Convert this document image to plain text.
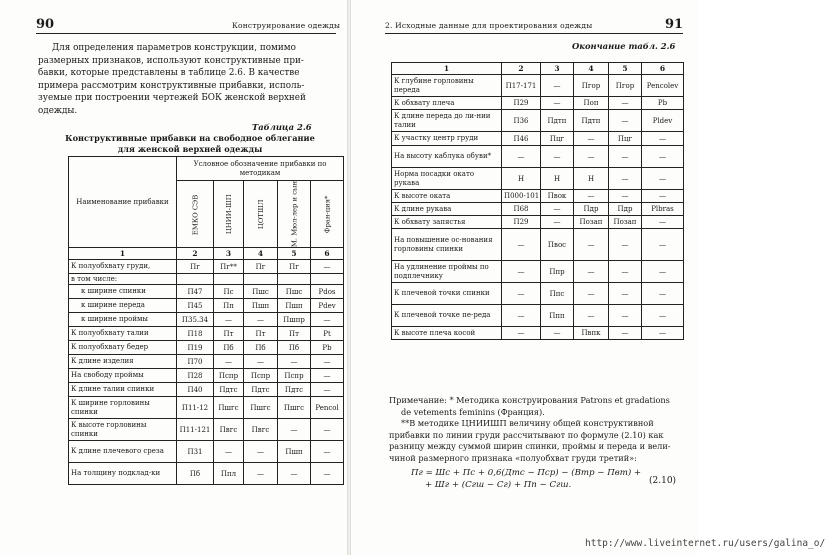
90	Конструирование одежды
Для определения параметров конструкции, помимо
размерных признаков, используют конструктивные при-
бавки, которые представлены в таблице 2.6. В качестве
примера рассмотрим конструктивные прибавки, исполь-
зуемые при построении чертежей БОК женской верхней
одежды.
Таблица 2.6
Конструктивные прибавки на свободное облегание
для женской верхней одежды
Наименование прибавки	Условное обозначение прибавки по методикам				
	ЕМКО СЭВ	ЦНИИ-ШП	ЦОТШЛ	М. Мюл-лер и сын	Фран-ция*
1	2	3	4	5	6
К полуобхвату груди,	Пг	Пг**	Пг	Пг	—
в том числе:					
к ширине спинки	П47	Пс	Пшс	Пшс	Pdos
к ширине переда	П45	Пп	Пшп	Пшп	Pdev
к ширине проймы	П35.34	—	—	Пшпр	—
К полуобхвату талии	П18	Пт	Пт	Пт	Pt
К полуобхвату бедер	П19	Пб	Пб	Пб	Pb
К длине изделия	П70	—	—	—	—
На свободу проймы	П28	Пспр	Пспр	Пспр	—
К длине талии спинки	П40	Пдтс	Пдтс	Пдтс	—
К ширине горловины спинки	П11-12	Пшгс	Пшгс	Пшгс	Pencol
К высоте горловины спинки	П11-121	Пвгс	Пвгс	—	—
К длине плечевого среза	П31	—	—	Пшп	—
На толщину подклад-ки	Пб	Ппл	—	—	—
2. Исходные данные для проектирования одежды	91
Окончание табл. 2.6
1	2	3	4	5	6
К глубине горловины переда	П17-171	—	Пгор	Пгор	Pencolev
К обхвату плеча	П29	—	Поп	—	Pb
К длине переда до ли-нии талии	П36	Пдтп	Пдтп	—	Pldev
К участку центр груди	П46	Пцг	—	Пцг	—
На высоту каблука обуви*	—	—	—	—	—
Норма посадки окато рукава	Н	Н	Н	—	—
К высоте оката	П000-101	Пвок	—	—	—
К длине рукава	П68	—	Пдр	Пдр	Plbras
К обхвату запястья	П29	—	Позап	Позап	—
На повышение ос-нования горловины спинки	—	Пвос	—	—	—
На удлинение проймы по подплечнику	—	Ппр	—	—	—
К плечевой точки спинки	—	Ппс	—	—	—
К плечевой точке пе-реда	—	Ппп	—	—	—
К высоте плеча косой	—	—	Пвпк	—	—
Примечание: * Методика конструирования Patrons et gradations
de vetements feminins (Франция).
**В методике ЦНИИШП величину общей конструктивной
прибавки по линии груди рассчитывают по формуле (2.10) как
разницу между суммой ширин спинки, проймы и переда и вели-
чиной размерного признака «полуобхват груди третий»:
Пг = Шс + Пс + 0,6(Дтс − Пср) − (Втр − Пвт) +
+ Шг + (Сгш − Сг) + Пп − Сгш.	(2.10)
http://www.liveinternet.ru/users/galina_o/
